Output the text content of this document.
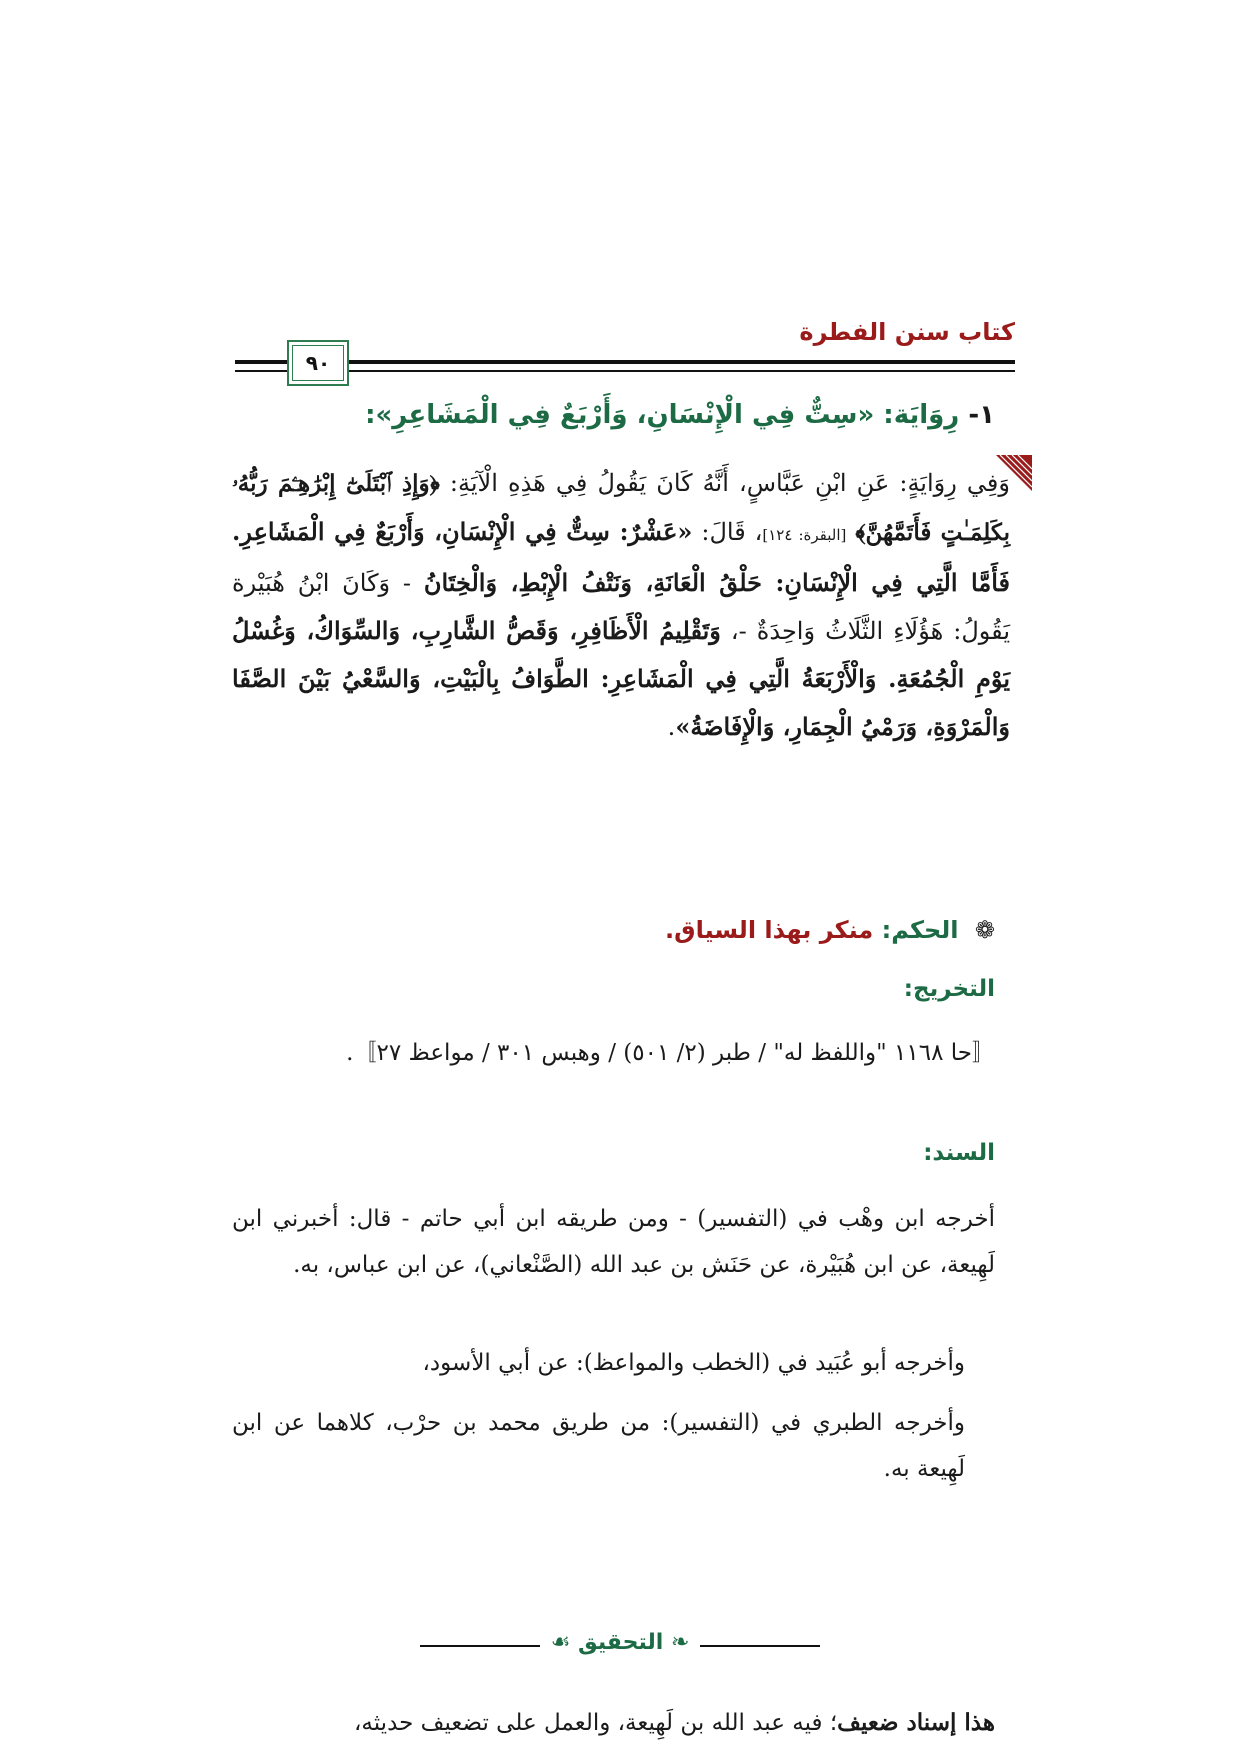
كتاب سنن الفطرة
٩٠
١- رِوَايَة: «سِتٌّ فِي الْإِنْسَانِ، وَأَرْبَعٌ فِي الْمَشَاعِرِ»:
وَفِي رِوَايَةٍ: عَنِ ابْنِ عَبَّاسٍ، أَنَّهُ كَانَ يَقُولُ فِي هَذِهِ الْآيَةِ: ﴿وَإِذِ ٱبْتَلَىٰٓ إِبْرَٰهِـۧمَ رَبُّهُۥ بِكَلِمَـٰتٍ فَأَتَمَّهُنَّ﴾ [البقرة: ١٢٤]، قَالَ: «عَشْرٌ: سِتٌّ فِي الْإِنْسَانِ، وَأَرْبَعٌ فِي الْمَشَاعِرِ. فَأَمَّا الَّتِي فِي الْإِنْسَانِ: حَلْقُ الْعَانَةِ، وَنَتْفُ الْإِبْطِ، وَالْخِتَانُ - وَكَانَ ابْنُ هُبَيْرة يَقُولُ: هَؤُلَاءِ الثَّلَاثُ وَاحِدَةٌ -، وَتَقْلِيمُ الْأَظَافِرِ، وَقَصُّ الشَّارِبِ، وَالسِّوَاكُ، وَغُسْلُ يَوْمِ الْجُمُعَةِ. وَالْأَرْبَعَةُ الَّتِي فِي الْمَشَاعِرِ: الطَّوَافُ بِالْبَيْتِ، وَالسَّعْيُ بَيْنَ الصَّفَا وَالْمَرْوَةِ، وَرَمْيُ الْجِمَارِ، وَالْإِفَاضَةُ».
❁ الحكم: منكر بهذا السياق.
التخريج:
〚حا ١١٦٨ "واللفظ له" / طبر (٢/ ٥٠١) / وهبس ٣٠١ / مواعظ ٢٧〛.
السند:
أخرجه ابن وهْب في (التفسير) - ومن طريقه ابن أبي حاتم - قال: أخبرني ابن لَهِيعة، عن ابن هُبَيْرة، عن حَنَش بن عبد الله (الصَّنْعاني)، عن ابن عباس، به.
وأخرجه أبو عُبَيد في (الخطب والمواعظ): عن أبي الأسود،
وأخرجه الطبري في (التفسير): من طريق محمد بن حرْب، كلاهما عن ابن لَهِيعة به.
❧ التحقيق ☙
هذا إسناد ضعيف؛ فيه عبد الله بن لَهِيعة، والعمل على تضعيف حديثه،
